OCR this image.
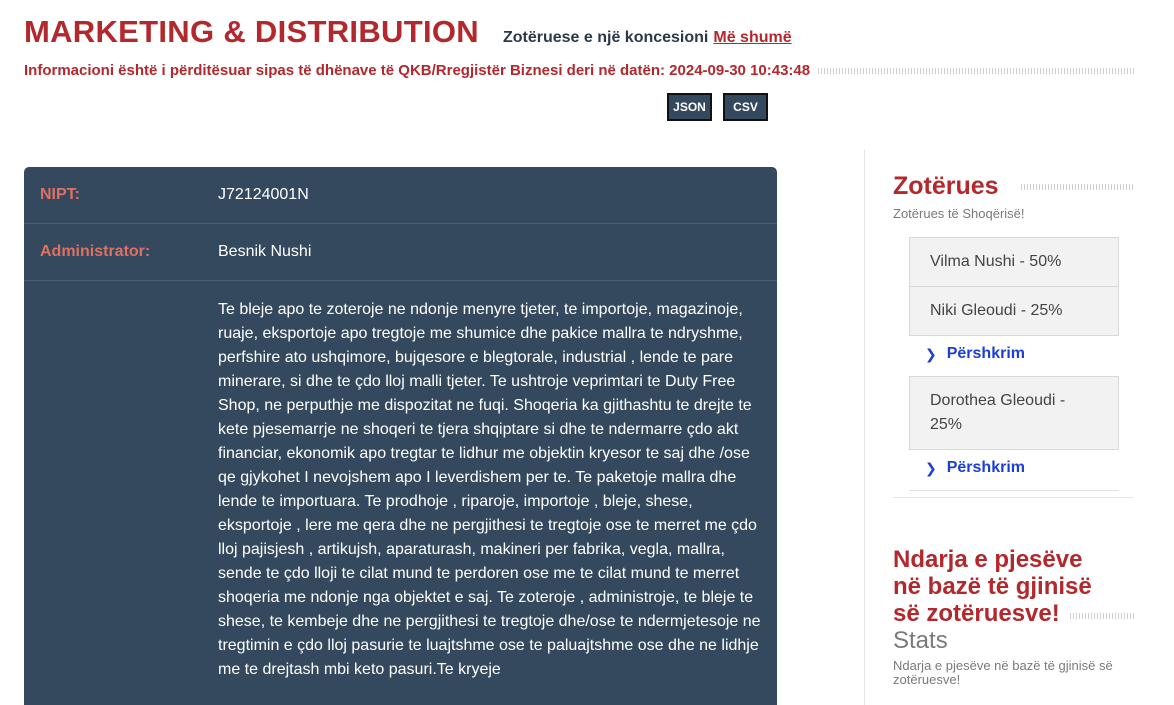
MARKETING & DISTRIBUTION Zotëruese e një koncesioni Më shumë
Informacioni është i përditësuar sipas të dhënave të QKB/Rregjistër Biznesi deri në datën: 2024-09-30 10:43:48
JSON	CSV
NIPT:	J72124001N
Administrator:	Besnik Nushi
Te bleje apo te zoteroje ne ndonje menyre tjeter, te importoje, magazinoje, ruaje, eksportoje apo tregtoje me shumice dhe pakice mallra te ndryshme, perfshire ato ushqimore, bujqesore e blegtorale, industrial , lende te pare minerare, si dhe te çdo lloj malli tjeter. Te ushtroje veprimtari te Duty Free Shop, ne perputhje me dispozitat ne fuqi. Shoqeria ka gjithashtu te drejte te kete pjesemarrje ne shoqeri te tjera shqiptare si dhe te ndermarre çdo akt financiar, ekonomik apo tregtar te lidhur me objektin kryesor te saj dhe /ose qe gjykohet I nevojshem apo I leverdishem per te. Te paketoje mallra dhe lende te importuara. Te prodhoje , riparoje, importoje , bleje, shese, eksportoje , lere me qera dhe ne pergjithesi te tregtoje ose te merret me çdo lloj pajisjesh , artikujsh, aparaturash, makineri per fabrika, vegla, mallra, sende te çdo lloji te cilat mund te perdoren ose me te cilat mund te merret shoqeria me ndonje nga objektet e saj. Te zoteroje , administroje, te bleje te shese, te kembeje dhe ne pergjithesi te tregtoje dhe/ose te ndermjetesoje ne tregtimin e çdo lloj pasurie te luajtshme ose te paluajtshme ose dhe ne lidhje me te drejtash mbi keto pasuri.Te kryeje
Zotërues
Zotërues të Shoqërisë!
Vilma Nushi - 50%
Niki Gleoudi - 25%
❯ Përshkrim
Dorothea Gleoudi - 25%
❯ Përshkrim
Ndarja e pjesëve në bazë të gjinisë së zotëruesve!
Stats
Ndarja e pjesëve në bazë të gjinisë së zotëruesve!
